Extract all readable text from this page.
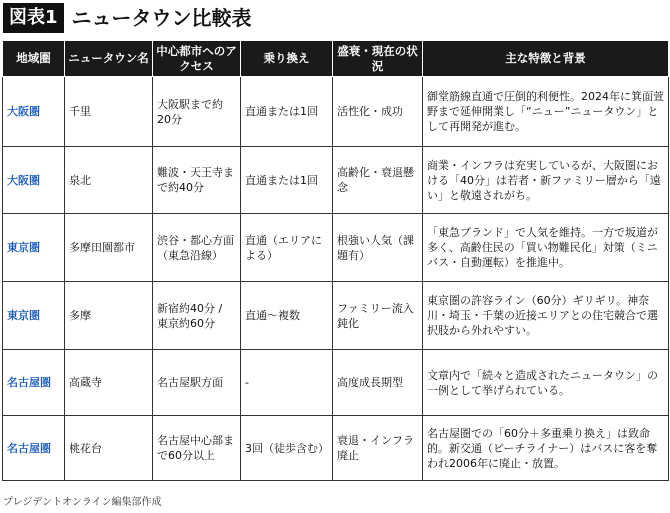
図表1 ニュータウン比較表
地域圏	ニュータウン名	中心都市へのアクセス	乗り換え	盛衰・現在の状況	主な特徴と背景
大阪圏	千里	大阪駅まで約20分	直通または1回	活性化・成功	御堂筋線直通で圧倒的利便性。2024年に箕面萱野まで延伸開業し「“ニュー”ニュータウン」として再開発が進む。
大阪圏	泉北	難波・天王寺まで約40分	直通または1回	高齢化・衰退懸念	商業・インフラは充実しているが、大阪圏における「40分」は若者・新ファミリー層から「遠い」と敬遠されがち。
東京圏	多摩田園都市	渋谷・都心方面（東急沿線）	直通（エリアによる）	根強い人気（課題有）	「東急ブランド」で人気を維持。一方で坂道が多く、高齢住民の「買い物難民化」対策（ミニバス・自動運転）を推進中。
東京圏	多摩	新宿約40分 / 東京約60分	直通〜複数	ファミリー流入鈍化	東京圏の許容ライン（60分）ギリギリ。神奈川・埼玉・千葉の近接エリアとの住宅競合で選択肢から外れやすい。
名古屋圏	高蔵寺	名古屋駅方面	-	高度成長期型	文章内で「続々と造成されたニュータウン」の一例として挙げられている。
名古屋圏	桃花台	名古屋中心部まで60分以上	3回（徒歩含む）	衰退・インフラ廃止	名古屋圏での「60分＋多重乗り換え」は致命的。新交通（ピーチライナー）はバスに客を奪われ2006年に廃止・放置。
プレジデントオンライン編集部作成
